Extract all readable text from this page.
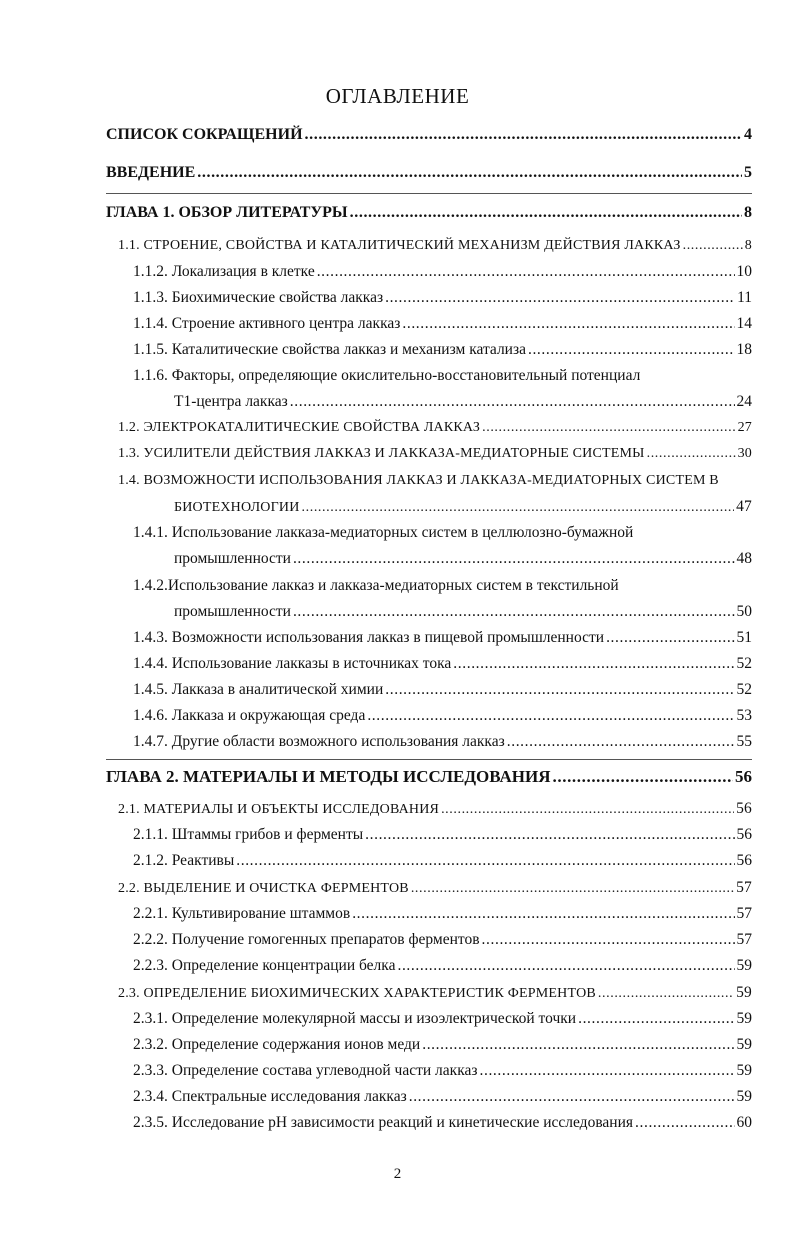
ОГЛАВЛЕНИЕ
СПИСОК СОКРАЩЕНИЙ .....	4
ВВЕДЕНИЕ .....	5
ГЛАВА 1. ОБЗОР ЛИТЕРАТУРЫ .....	8
1.1. СТРОЕНИЕ, СВОЙСТВА И КАТАЛИТИЧЕСКИЙ МЕХАНИЗМ ДЕЙСТВИЯ ЛАККАЗ .....	8
1.1.2. Локализация в клетке .....	10
1.1.3. Биохимические свойства лакказ .....	11
1.1.4. Строение активного центра лакказ .....	14
1.1.5. Каталитические свойства лакказ и механизм катализа .....	18
1.1.6. Факторы, определяющие окислительно-восстановительный потенциал
Т1-центра лакказ .....	24
1.2. ЭЛЕКТРОКАТАЛИТИЧЕСКИЕ СВОЙСТВА ЛАККАЗ .....	27
1.3. УСИЛИТЕЛИ ДЕЙСТВИЯ ЛАККАЗ И ЛАККАЗА-МЕДИАТОРНЫЕ СИСТЕМЫ .....	30
1.4. ВОЗМОЖНОСТИ ИСПОЛЬЗОВАНИЯ ЛАККАЗ И ЛАККАЗА-МЕДИАТОРНЫХ СИСТЕМ В
БИОТЕХНОЛОГИИ .....	47
1.4.1. Использование лакказа-медиаторных систем в целлюлозно-бумажной
промышленности .....	48
1.4.2.Использование лакказ и лакказа-медиаторных систем в текстильной
промышленности .....	50
1.4.3. Возможности использования лакказ в пищевой промышленности .....	51
1.4.4. Использование лакказы в источниках тока .....	52
1.4.5. Лакказа в аналитической химии .....	52
1.4.6. Лакказа и окружающая среда .....	53
1.4.7. Другие области возможного использования лакказ .....	55
ГЛАВА 2. МАТЕРИАЛЫ И МЕТОДЫ ИССЛЕДОВАНИЯ .....	56
2.1. МАТЕРИАЛЫ И ОБЪЕКТЫ ИССЛЕДОВАНИЯ .....	56
2.1.1. Штаммы грибов и ферменты .....	56
2.1.2. Реактивы .....	56
2.2. ВЫДЕЛЕНИЕ И ОЧИСТКА ФЕРМЕНТОВ .....	57
2.2.1. Культивирование штаммов .....	57
2.2.2. Получение гомогенных препаратов ферментов .....	57
2.2.3. Определение концентрации белка .....	59
2.3. ОПРЕДЕЛЕНИЕ БИОХИМИЧЕСКИХ ХАРАКТЕРИСТИК ФЕРМЕНТОВ .....	59
2.3.1. Определение молекулярной массы и изоэлектрической точки .....	59
2.3.2. Определение содержания ионов меди .....	59
2.3.3. Определение состава углеводной части лакказ .....	59
2.3.4. Спектральные исследования лакказ .....	59
2.3.5. Исследование pH зависимости реакций и кинетические исследования .....	60
2
